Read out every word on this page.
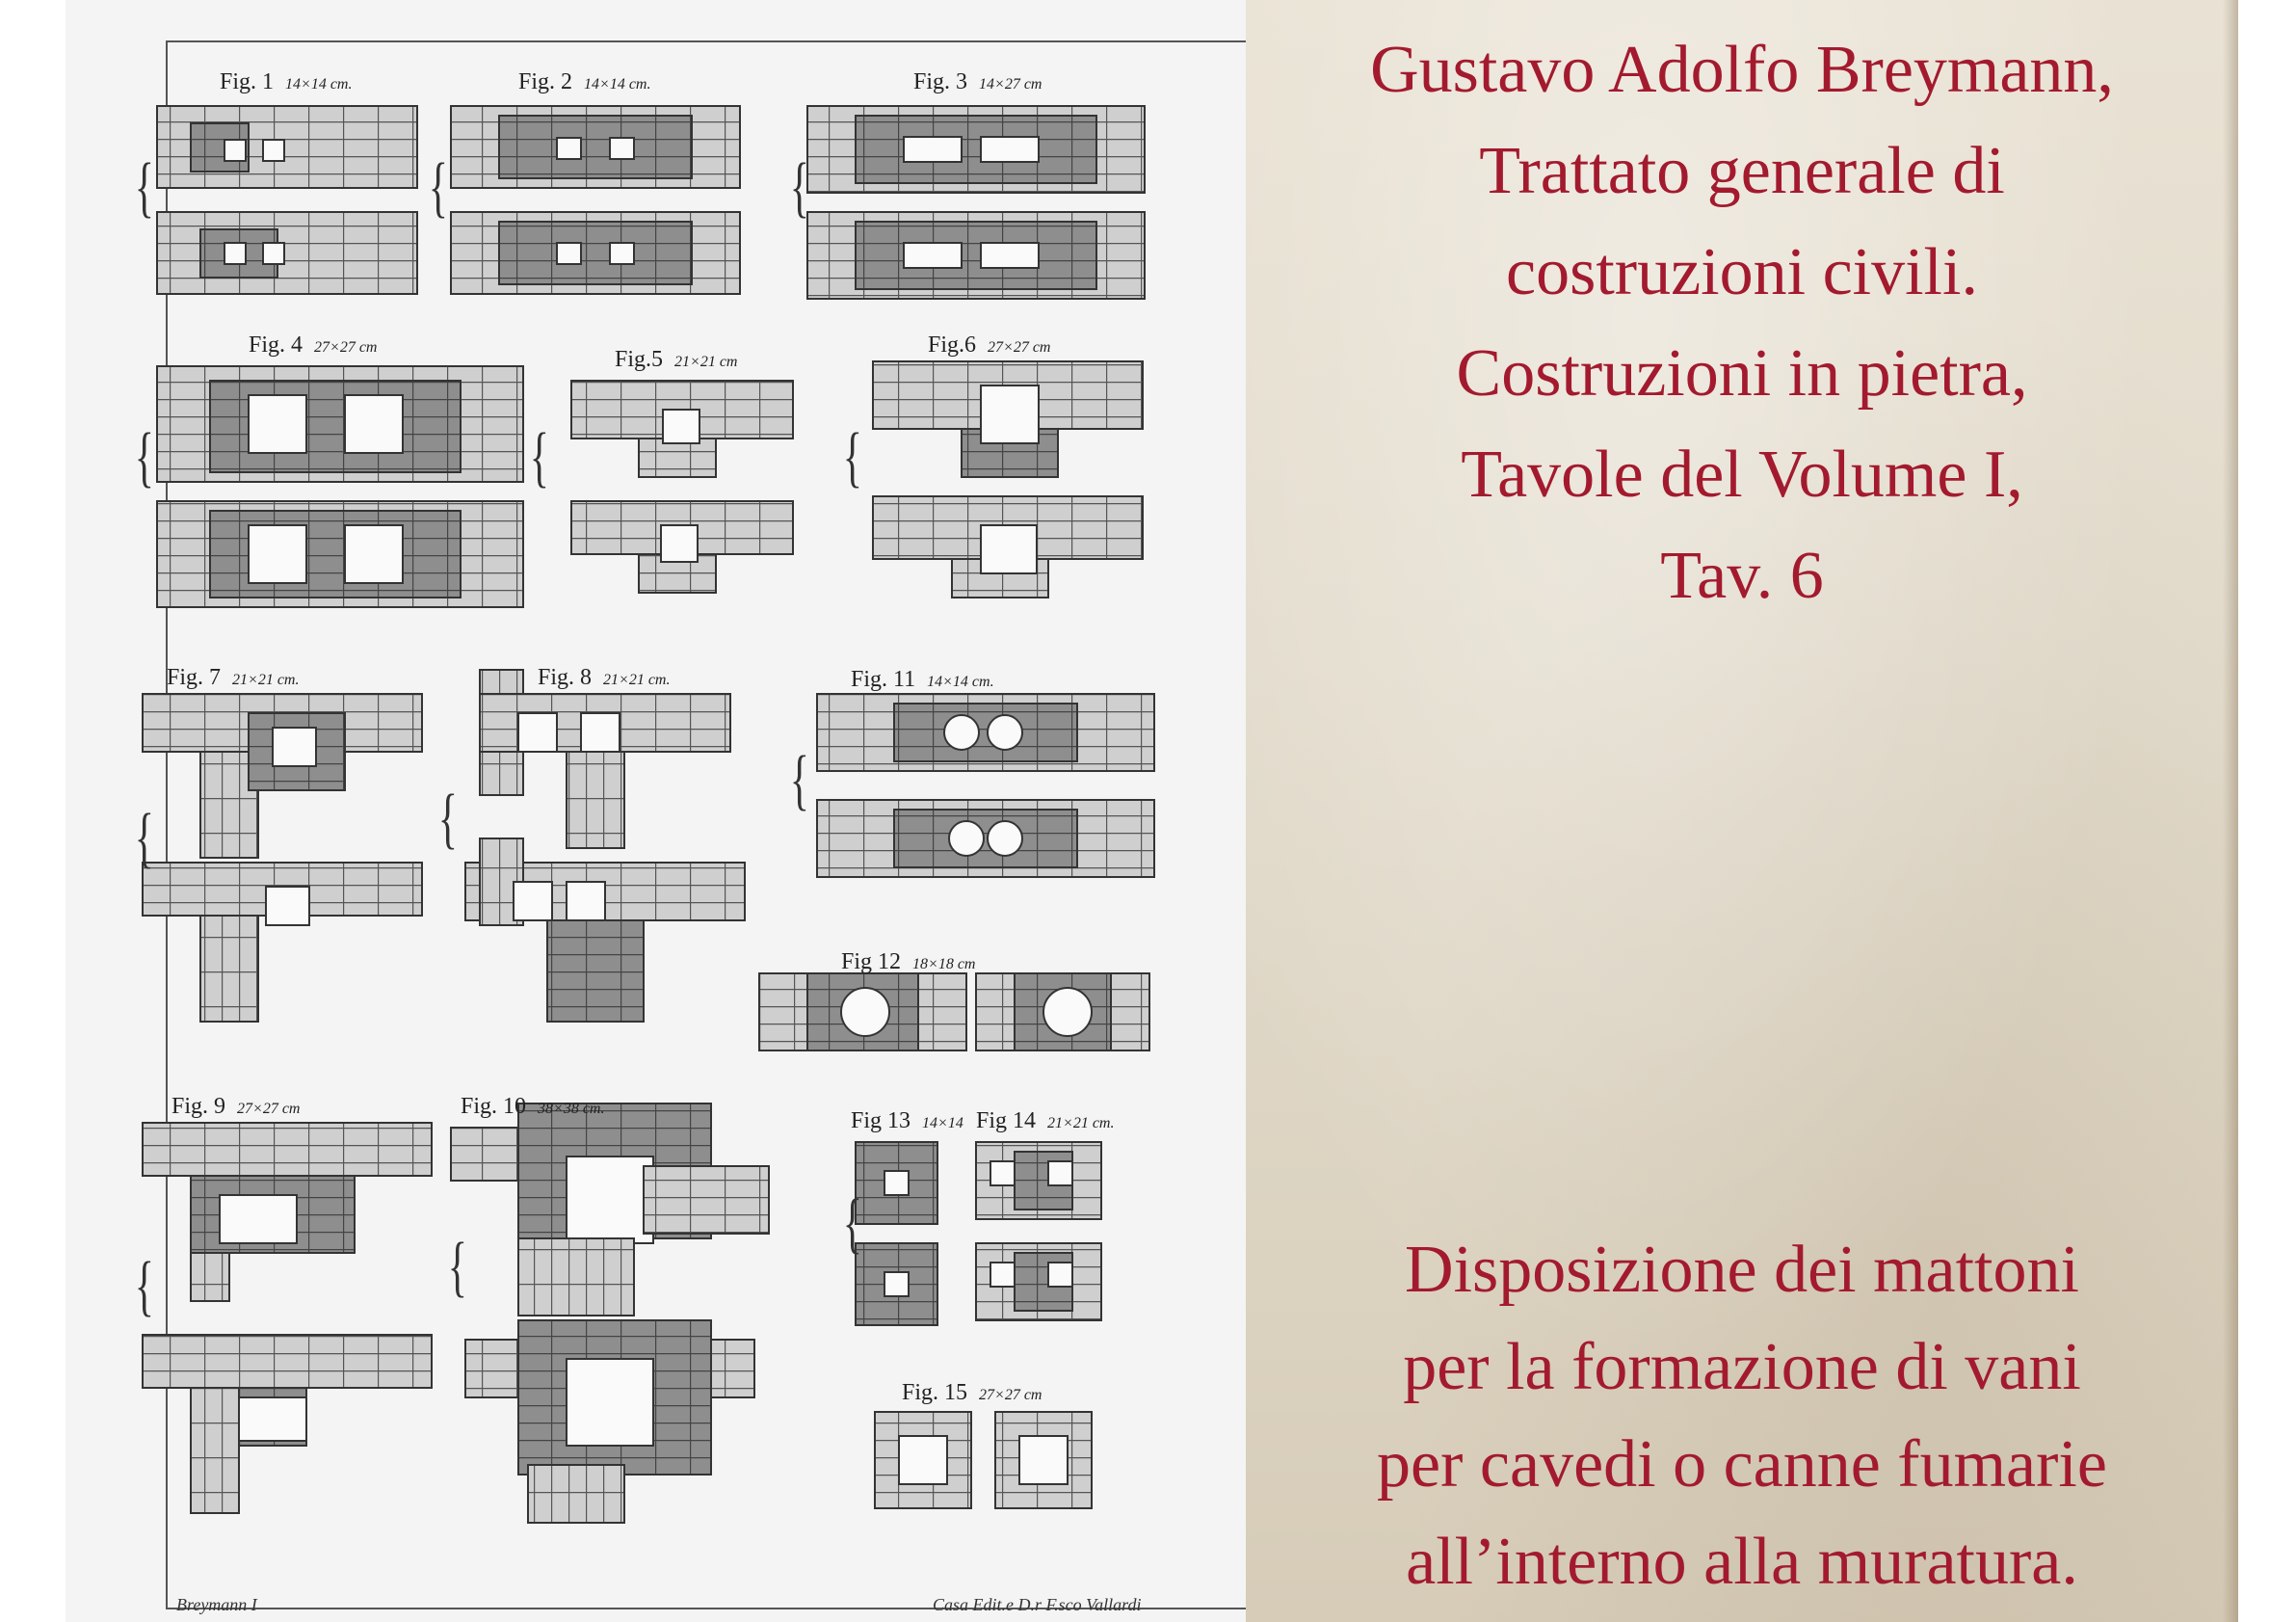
Fig. 1 14×14 cm.	Fig. 2 14×14 cm.	Fig. 3 14×27 cm
Fig. 4 27×27 cm	Fig.5 21×21 cm
Fig.6 27×27 cm
Fig. 7 21×21 cm.	Fig. 8 21×21 cm.	Fig. 11 14×14 cm.
Fig 12 18×18 cm
Fig. 9 27×27 cm	Fig. 10 38×38 cm.	Fig 13 14×14 Fig 14 21×21 cm.
Fig. 15 27×27 cm
{	{	{
{	{	{
{	{
{
{	{
{
Breymann I	Casa Edit.e D.r F.sco Vallardi

Gustavo Adolfo Breymann,

Trattato generale di

costruzioni civili.

Costruzioni in pietra,

Tavole del Volume I,

Tav. 6

Disposizione dei mattoni

per la formazione di vani

per cavedi o canne fumarie

all’interno alla muratura.
